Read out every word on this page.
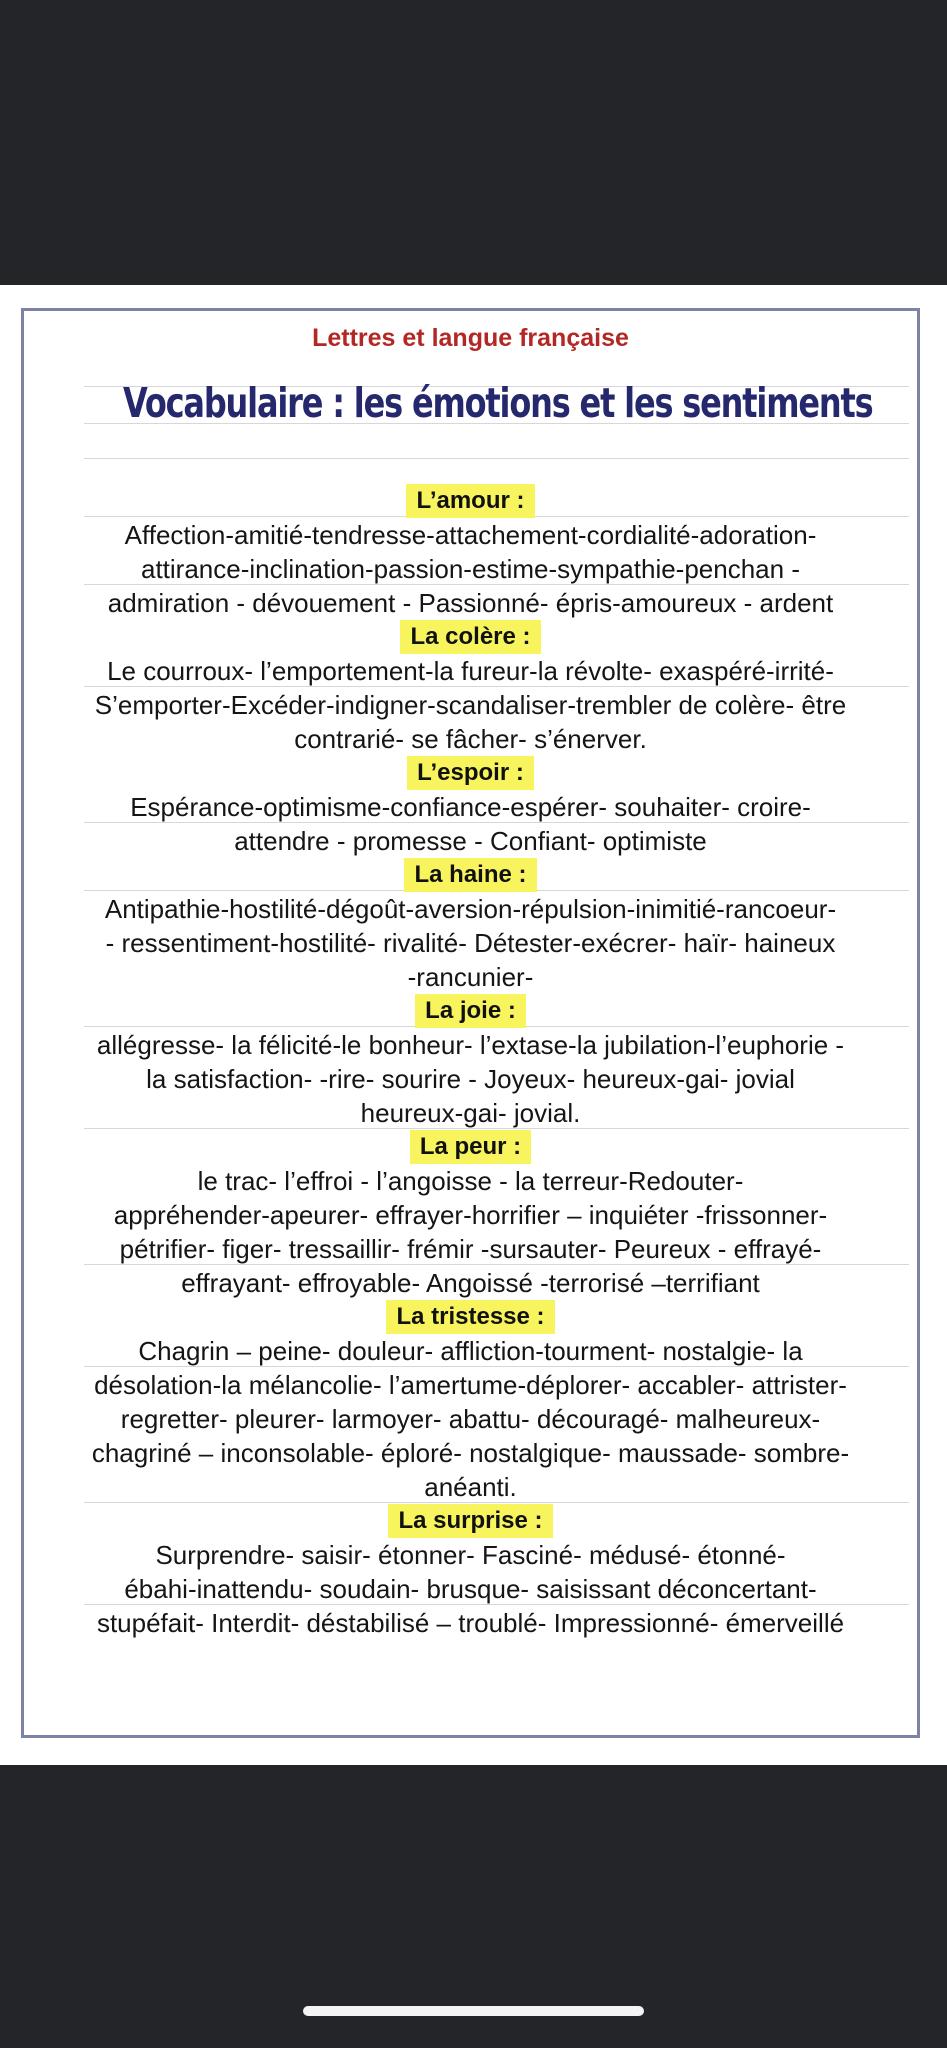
Lettres et langue française
Vocabulaire : les émotions et les sentiments
L’amour :
Affection-amitié-tendresse-attachement-cordialité-adoration-
attirance-inclination-passion-estime-sympathie-penchan -
admiration - dévouement - Passionné- épris-amoureux - ardent
La colère :
Le courroux- l’emportement-la fureur-la révolte- exaspéré-irrité-
S’emporter-Excéder-indigner-scandaliser-trembler de colère- être
contrarié- se fâcher- s’énerver.
L’espoir :
Espérance-optimisme-confiance-espérer- souhaiter- croire-
attendre - promesse - Confiant- optimiste
La haine :
Antipathie-hostilité-dégoût-aversion-répulsion-inimitié-rancoeur-
- ressentiment-hostilité- rivalité- Détester-exécrer- haïr- haineux
-rancunier-
La joie :
allégresse- la félicité-le bonheur- l’extase-la jubilation-l’euphorie -
la satisfaction- -rire- sourire - Joyeux- heureux-gai- jovial
heureux-gai- jovial.
La peur :
le trac- l’effroi - l’angoisse - la terreur-Redouter-
appréhender-apeurer- effrayer-horrifier – inquiéter -frissonner-
pétrifier- figer- tressaillir- frémir -sursauter- Peureux - effrayé-
effrayant- effroyable- Angoissé -terrorisé –terrifiant
La tristesse :
Chagrin – peine- douleur- affliction-tourment- nostalgie- la
désolation-la mélancolie- l’amertume-déplorer- accabler- attrister-
regretter- pleurer- larmoyer- abattu- découragé- malheureux-
chagriné – inconsolable- éploré- nostalgique- maussade- sombre-
anéanti.
La surprise :
Surprendre- saisir- étonner- Fasciné- médusé- étonné-
ébahi-inattendu- soudain- brusque- saisissant déconcertant-
stupéfait- Interdit- déstabilisé – troublé- Impressionné- émerveillé
